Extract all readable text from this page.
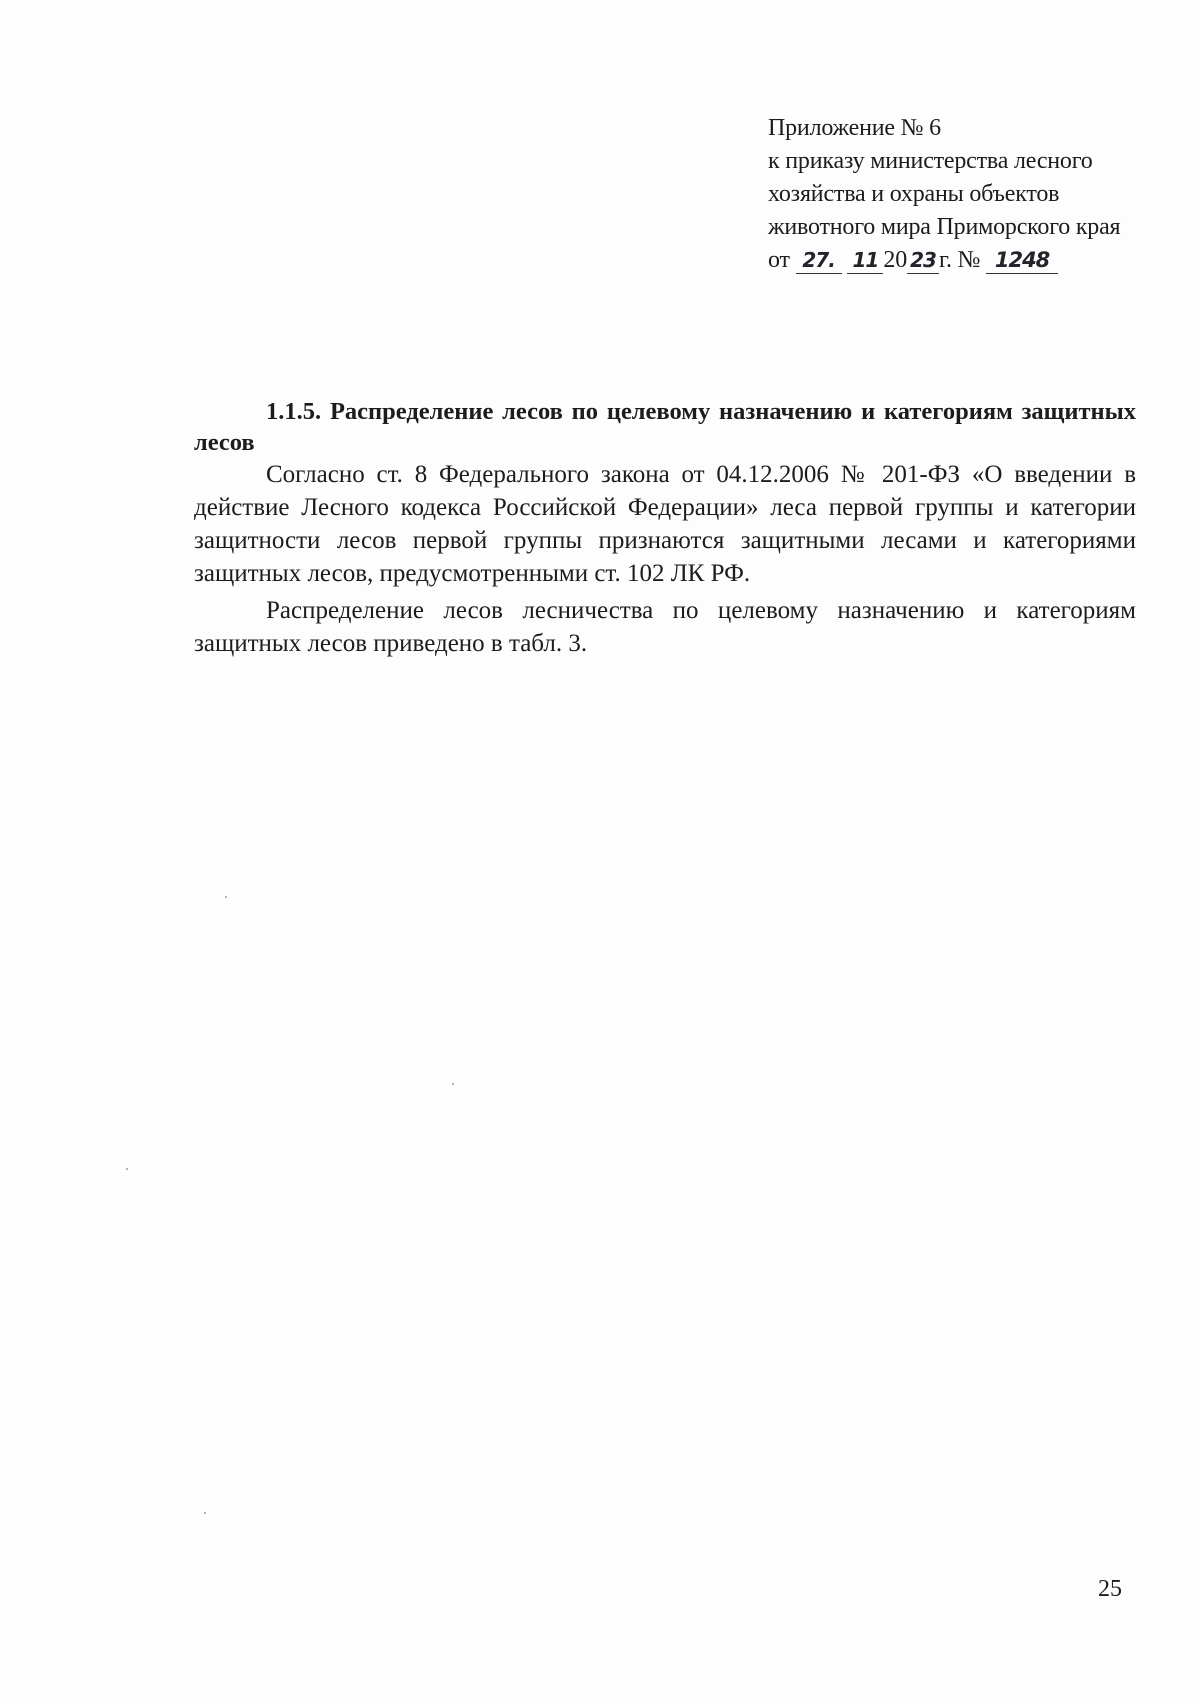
Приложение № 6
к приказу министерства лесного
хозяйства и охраны объектов
животного мира Приморского края
от 27. 11 20 23 г. № 1248
1.1.5. Распределение лесов по целевому назначению и категориям защитных лесов

Согласно ст. 8 Федерального закона от 04.12.2006 № 201-ФЗ «О введении в действие Лесного кодекса Российской Федерации» леса первой группы и категории защитности лесов первой группы признаются защитными лесами и категориями защитных лесов, предусмотренными ст. 102 ЛК РФ.

Распределение лесов лесничества по целевому назначению и категориям защитных лесов приведено в табл. 3.

25
